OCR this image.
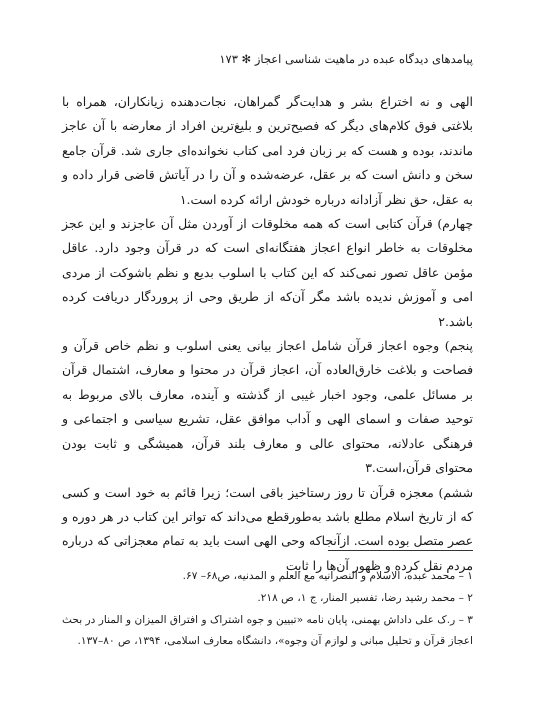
پیامدهای دیدگاه عبده در ماهیت شناسی اعجاز ✻ ۱۷۳

الهی و نه اختراع بشر و هدایت‌گر گمراهان، نجات‌دهنده زیانکاران، همراه با بلاغتی فوق کلام‌های دیگر که فصیح‌ترین و بلیغ‌ترین افراد از معارضه با آن عاجز ماندند، بوده و هست که بر زبان فرد امی کتاب نخوانده‌ای جاری شد. قرآن جامع سخن و دانش است که بر عقل، عرضه‌شده و آن را در آیاتش قاضی قرار داده و به عقل، حق نظر آزادانه درباره خودش ارائه کرده است.۱

چهارم) قرآن کتابی است که همه مخلوقات از آوردن مثل آن عاجزند و این عجز مخلوقات به خاطر انواع اعجاز هفتگانه‌ای است که در قرآن وجود دارد. عاقل مؤمن عاقل تصور نمی‌کند که این کتاب با اسلوب بدیع و نظم باشوکت از مردی امی و آموزش ندیده باشد مگر آن‌که از طریق وحی از پروردگار دریافت کرده باشد.۲

پنجم) وجوه اعجاز قرآن شامل اعجاز بیانی یعنی اسلوب و نظم خاص قرآن و فصاحت و بلاغت خارق‌العاده آن، اعجاز قرآن در محتوا و معارف، اشتمال قرآن بر مسائل علمی، وجود اخبار غیبی از گذشته و آینده، معارف بالای مربوط به توحید صفات و اسمای الهی و آداب موافق عقل، تشریع سیاسی و اجتماعی و فرهنگی عادلانه، محتوای عالی و معارف بلند قرآن، همیشگی و ثابت بودن محتوای قرآن،است.۳

ششم) معجزه قرآن تا روز رستاخیز باقی است؛ زیرا قائم به خود است و کسی که از تاریخ اسلام مطلع باشد به‌طورقطع می‌داند که تواتر این کتاب در هر دوره و عصر متصل بوده است. ازآنجاکه وحی الهی است باید به تمام معجزاتی که درباره مردم نقل کرده و ظهور آن‌ها را ثابت

۱ – محمد عبده، الاسلام و النصرانیه مع العلم و المدنیه، ص۶۸– ۶۷.

۲ – محمد رشید رضا، تفسیر المنار، ج ۱، ص ۲۱۸.

۳ – ر.ک علی داداش بهمنی، پایان نامه «تبیین و جوه اشتراک و افتراق المیزان و المنار در بحث اعجاز قرآن و تحلیل مبانی و لوازم آن وجوه»، دانشگاه معارف اسلامی، ۱۳۹۴، ص ۸۰–۱۳۷.
